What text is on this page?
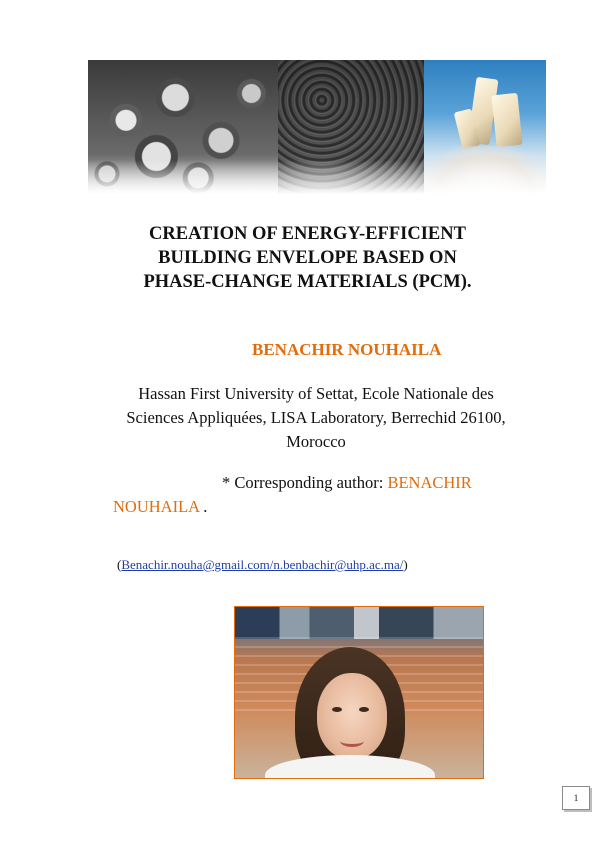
CREATION OF ENERGY-EFFICIENT
BUILDING ENVELOPE BASED ON
PHASE-CHANGE MATERIALS (PCM).

BENACHIR NOUHAILA

Hassan First University of Settat, Ecole Nationale des
Sciences Appliquées, LISA Laboratory, Berrechid 26100,
Morocco

* Corresponding author: BENACHIR

NOUHAILA .

(Benachir.nouha@gmail.com/n.benbachir@uhp.ac.ma/)

1
